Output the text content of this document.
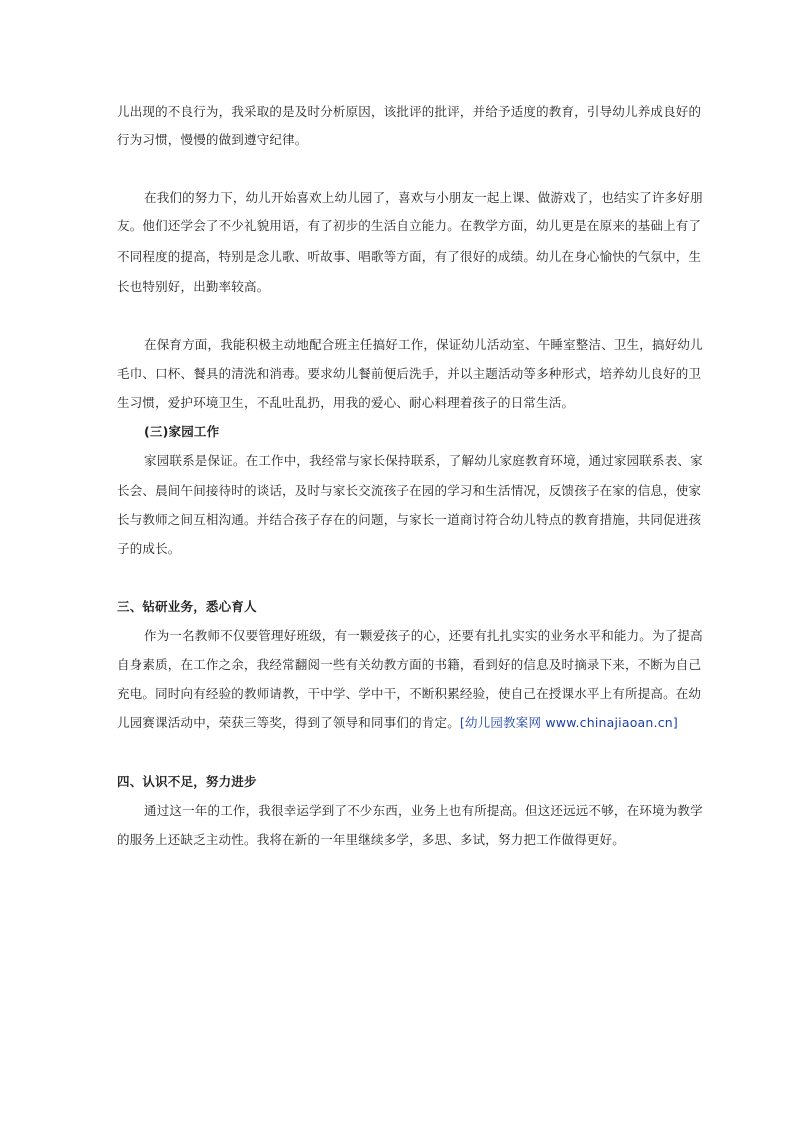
儿出现的不良行为，我采取的是及时分析原因，该批评的批评，并给予适度的教育，引导幼儿养成良好的
行为习惯，慢慢的做到遵守纪律。
在我们的努力下，幼儿开始喜欢上幼儿园了，喜欢与小朋友一起上课、做游戏了，也结实了许多好朋
友。他们还学会了不少礼貌用语，有了初步的生活自立能力。在教学方面，幼儿更是在原来的基础上有了
不同程度的提高，特别是念儿歌、听故事、唱歌等方面，有了很好的成绩。幼儿在身心愉快的气氛中，生
长也特别好，出勤率较高。
在保育方面，我能积极主动地配合班主任搞好工作，保证幼儿活动室、午睡室整洁、卫生，搞好幼儿
毛巾、口杯、餐具的清洗和消毒。要求幼儿餐前便后洗手，并以主题活动等多种形式，培养幼儿良好的卫
生习惯，爱护环境卫生，不乱吐乱扔，用我的爱心、耐心料理着孩子的日常生活。
(三)家园工作
家园联系是保证。在工作中，我经常与家长保持联系，了解幼儿家庭教育环境，通过家园联系表、家
长会、晨间午间接待时的谈话，及时与家长交流孩子在园的学习和生活情况，反馈孩子在家的信息，使家
长与教师之间互相沟通。并结合孩子存在的问题，与家长一道商讨符合幼儿特点的教育措施，共同促进孩
子的成长。
三、钻研业务，悉心育人
作为一名教师不仅要管理好班级，有一颗爱孩子的心，还要有扎扎实实的业务水平和能力。为了提高
自身素质，在工作之余，我经常翻阅一些有关幼教方面的书籍，看到好的信息及时摘录下来，不断为自己
充电。同时向有经验的教师请教，干中学、学中干，不断积累经验，使自己在授课水平上有所提高。在幼
儿园赛课活动中，荣获三等奖，得到了领导和同事们的肯定。[幼儿园教案网 www.chinajiaoan.cn]
四、认识不足，努力进步
通过这一年的工作，我很幸运学到了不少东西，业务上也有所提高。但这还远远不够，在环境为教学
的服务上还缺乏主动性。我将在新的一年里继续多学，多思、多试，努力把工作做得更好。
